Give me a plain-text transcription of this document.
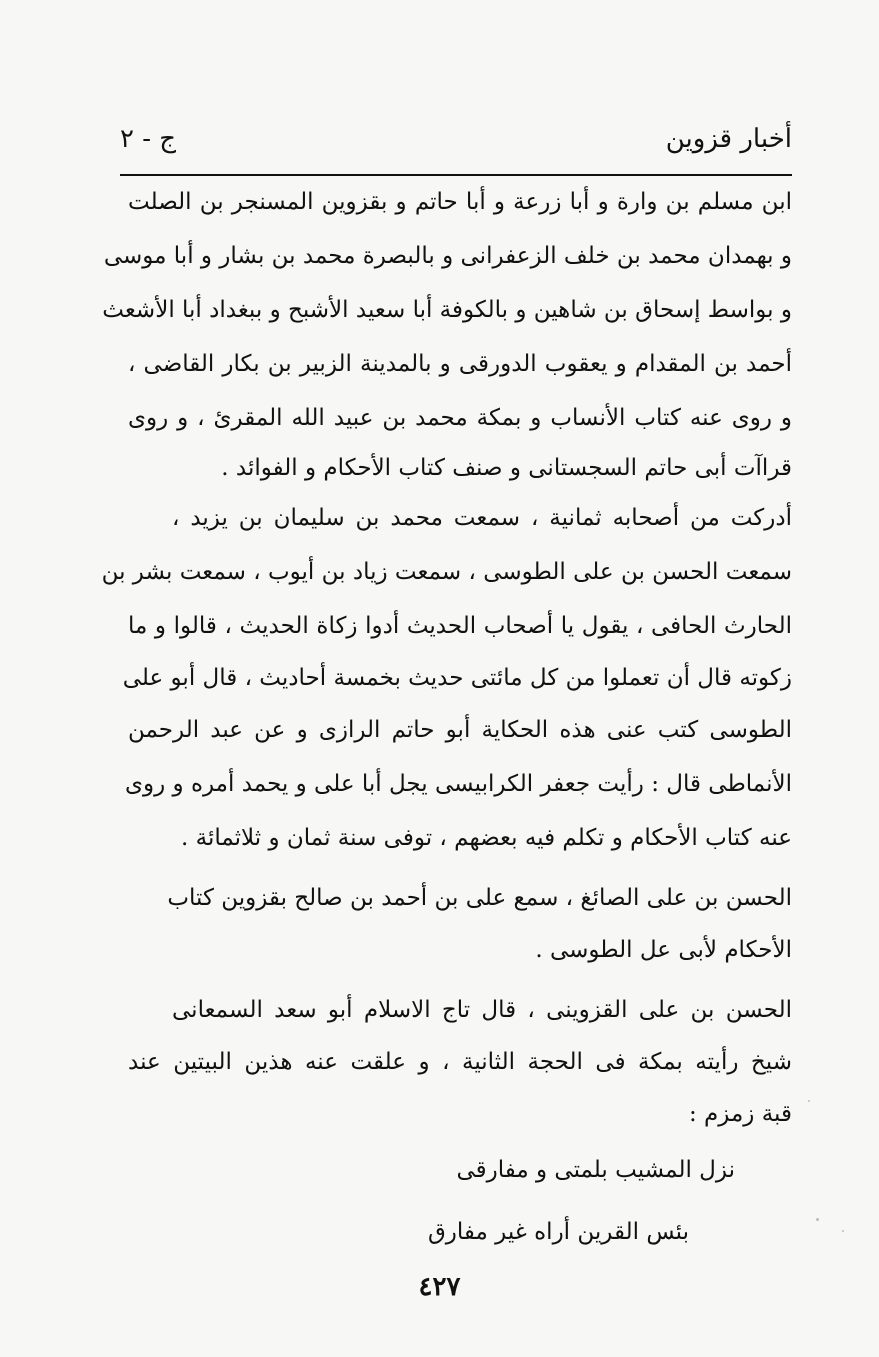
أخبار قزوين
ج - ٢
ابن مسلم بن وارة و أبا زرعة و أبا حاتم و بقزوين المسنجر بن الصلت
و بهمدان محمد بن خلف الزعفرانى و بالبصرة محمد بن بشار و أبا موسى
و بواسط إسحاق بن شاهين و بالكوفة أبا سعيد الأشبح و ببغداد أبا الأشعث
أحمد بن المقدام و يعقوب الدورقى و بالمدينة الزبير بن بكار القاضى ،
و روى عنه كتاب الأنساب و بمكة محمد بن عبيد الله المقرئ ، و روى
قراآت أبى حاتم السجستانى و صنف كتاب الأحكام و الفوائد .
أدركت من أصحابه ثمانية ، سمعت محمد بن سليمان بن يزيد ،
سمعت الحسن بن على الطوسى ، سمعت زياد بن أيوب ، سمعت بشر بن
الحارث الحافى ، يقول يا أصحاب الحديث أدوا زكاة الحديث ، قالوا و ما
زكوته قال أن تعملوا من كل مائتى حديث بخمسة أحاديث ، قال أبو على
الطوسى كتب عنى هذه الحكاية أبو حاتم الرازى و عن عبد الرحمن
الأنماطى قال : رأيت جعفر الكرابيسى يجل أبا على و يحمد أمره و روى
عنه كتاب الأحكام و تكلم فيه بعضهم ، توفى سنة ثمان و ثلاثمائة .
الحسن بن على الصائغ ، سمع على بن أحمد بن صالح بقزوين كتاب
الأحكام لأبى عل الطوسى .
الحسن بن على القزوينى ، قال تاج الاسلام أبو سعد السمعانى
شيخ رأيته بمكة فى الحجة الثانية ، و علقت عنه هذين البيتين عند
قبة زمزم :
نزل المشيب بلمتى و مفارقى
بئس القرين أراه غير مفارق
٤٢٧
